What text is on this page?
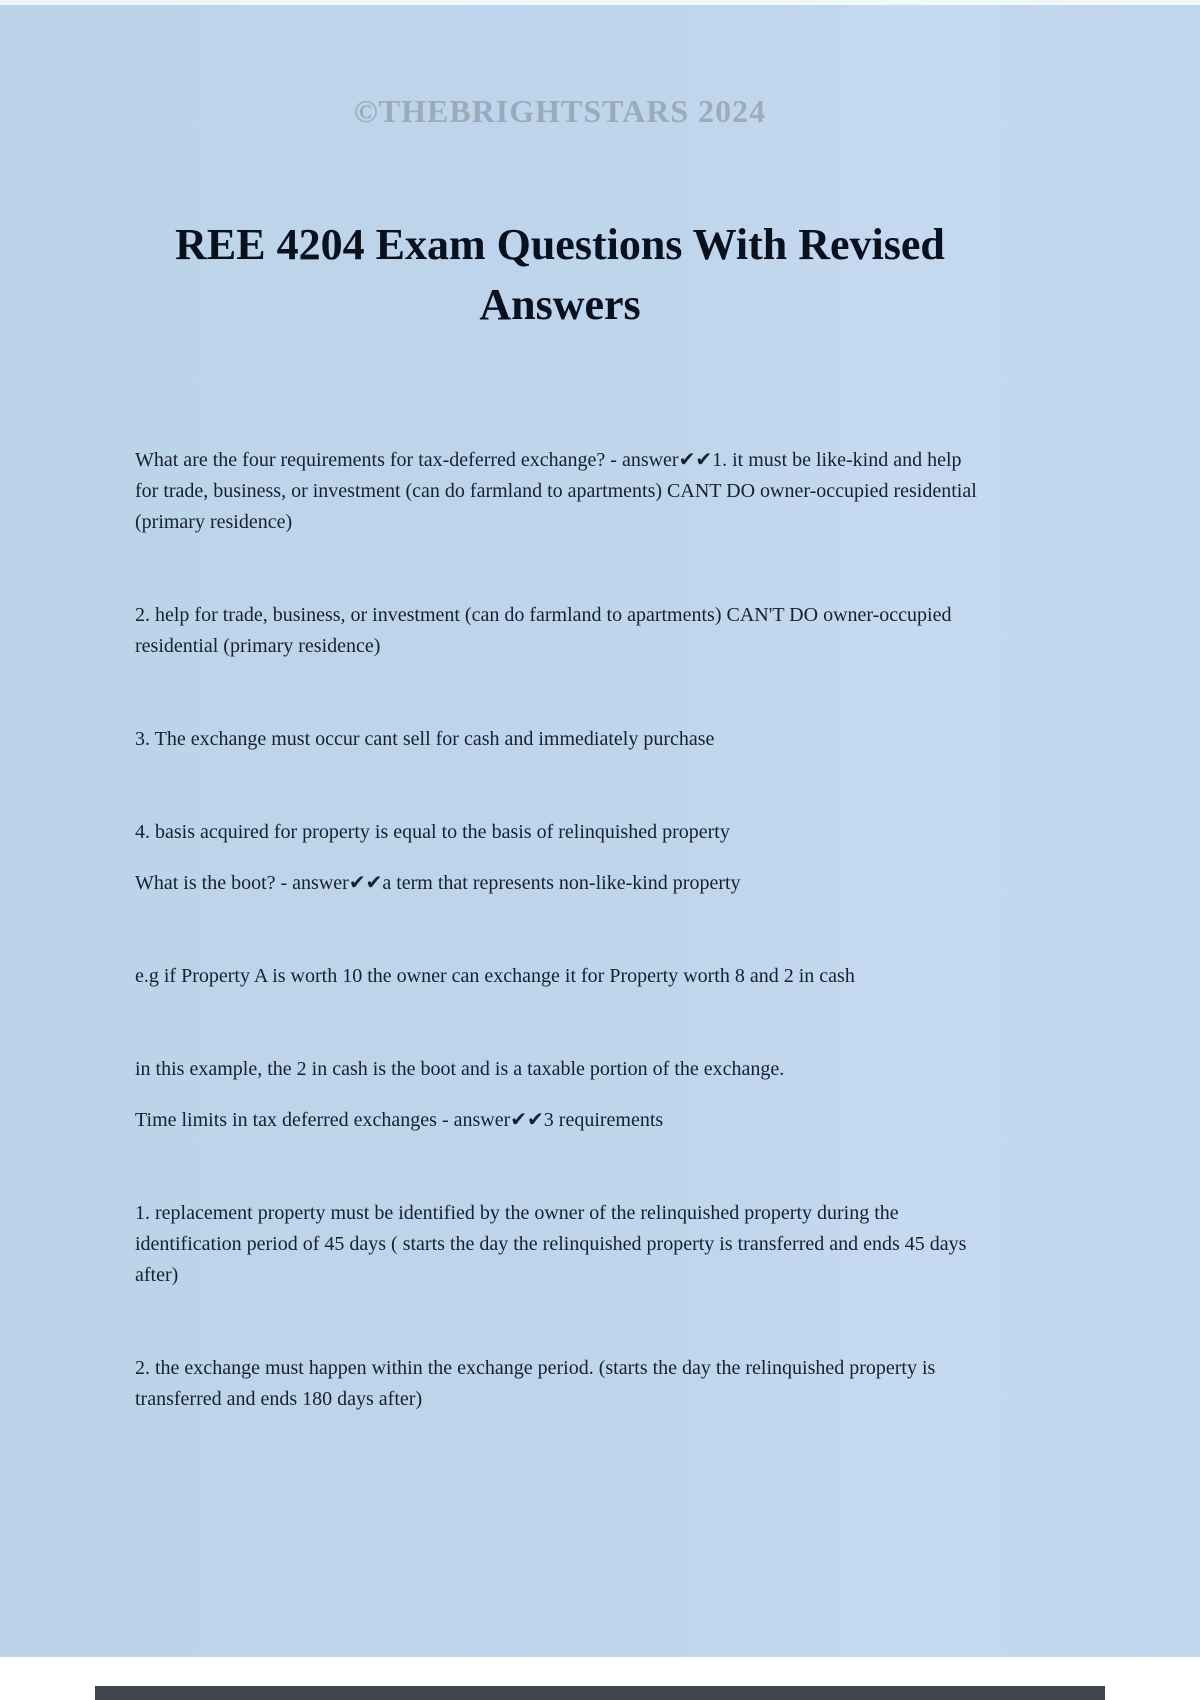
©THEBRIGHTSTARS 2024
REE 4204 Exam Questions With Revised Answers

What are the four requirements for tax-deferred exchange? - answer✔✔1. it must be like-kind and help for trade, business, or investment (can do farmland to apartments) CANT DO owner-occupied residential (primary residence)

2. help for trade, business, or investment (can do farmland to apartments) CAN'T DO owner-occupied residential (primary residence)

3. The exchange must occur cant sell for cash and immediately purchase

4. basis acquired for property is equal to the basis of relinquished property

What is the boot? - answer✔✔a term that represents non-like-kind property

e.g if Property A is worth 10 the owner can exchange it for Property worth 8 and 2 in cash

in this example, the 2 in cash is the boot and is a taxable portion of the exchange.

Time limits in tax deferred exchanges - answer✔✔3 requirements

1. replacement property must be identified by the owner of the relinquished property during the identification period of 45 days ( starts the day the relinquished property is transferred and ends 45 days after)

2. the exchange must happen within the exchange period. (starts the day the relinquished property is transferred and ends 180 days after)
